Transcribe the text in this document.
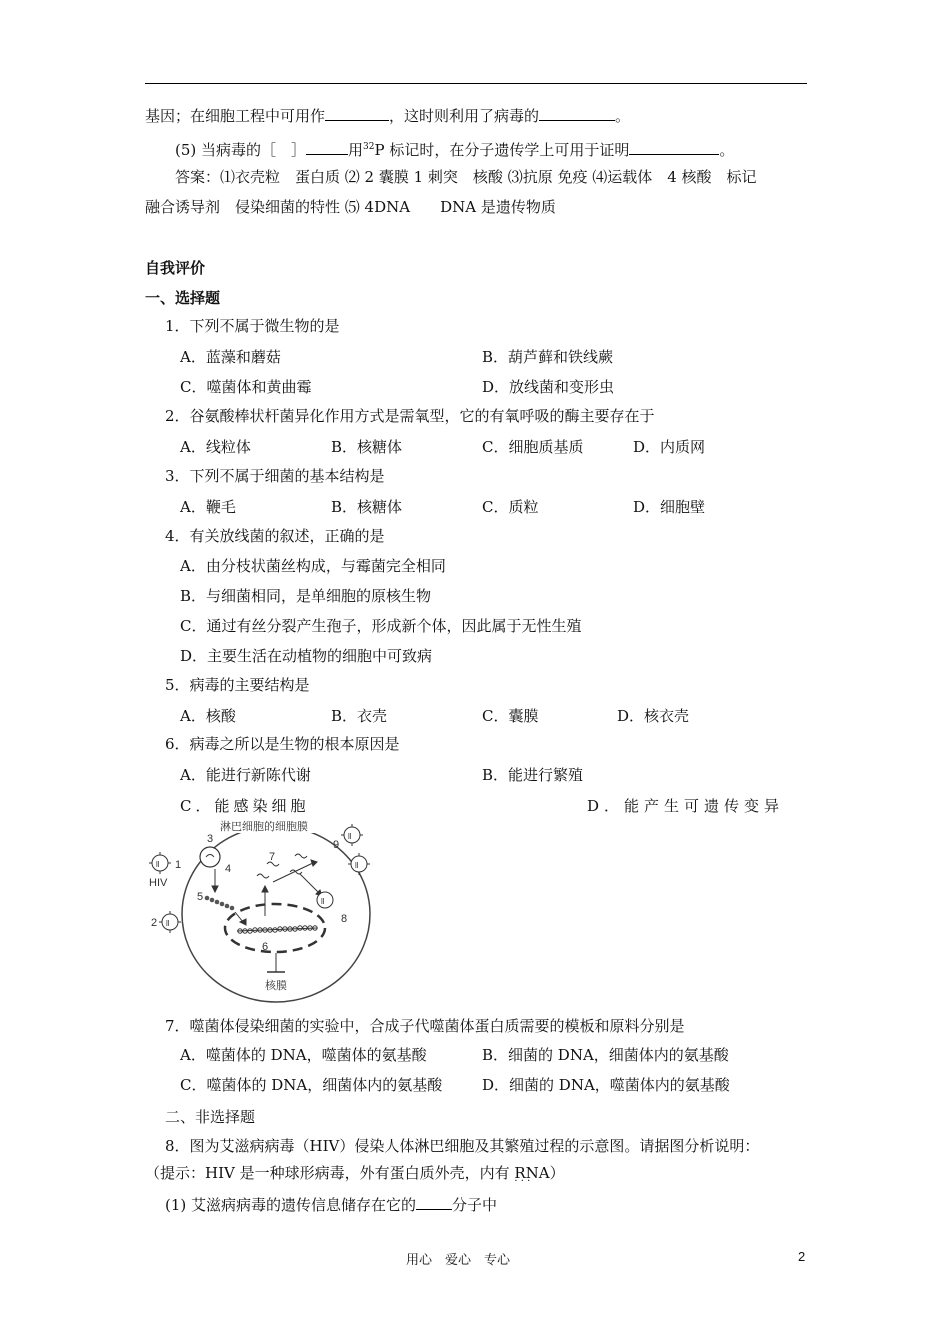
基因；在细胞工程中可用作	，这时则利用了病毒的	。
(5) 当病毒的［　］	用$^{32}$P 标记时，在分子遗传学上可用于证明	。
答案：⑴衣壳粒　蛋白质 ⑵ 2 囊膜 1 刺突　核酸 ⑶抗原 免疫 ⑷运载体　4 核酸　标记
融合诱导剂　侵染细菌的特性 ⑸ 4DNA　　DNA 是遗传物质
自我评价
一、选择题
1．下列不属于微生物的是
A．蓝藻和蘑菇	B．葫芦藓和铁线蕨
C．噬菌体和黄曲霉	D．放线菌和变形虫
2．谷氨酸棒状杆菌异化作用方式是需氧型，它的有氧呼吸的酶主要存在于
A．线粒体	B．核糖体	C．细胞质基质	D．内质网
3．下列不属于细菌的基本结构是
A．鞭毛	B．核糖体	C．质粒	D．细胞壁
4．有关放线菌的叙述，正确的是
A．由分枝状菌丝构成，与霉菌完全相同
B．与细菌相同，是单细胞的原核生物
C．通过有丝分裂产生孢子，形成新个体，因此属于无性生殖
D．主要生活在动植物的细胞中可致病
5．病毒的主要结构是
A．核酸	B．衣壳	C．囊膜	D．核衣壳
6．病毒之所以是生物的根本原因是
A．能进行新陈代谢	B．能进行繁殖
C．能感染细胞	D．能产生可遗传变异
淋巴细胞的细胞膜
ll
ll
ll
ll
ll
1
2
3
4
5
6
7
8
9
HIV
核膜
7．噬菌体侵染细菌的实验中，合成子代噬菌体蛋白质需要的模板和原料分别是
A．噬菌体的 DNA，噬菌体的氨基酸	B．细菌的 DNA，细菌体内的氨基酸
C．噬菌体的 DNA，细菌体内的氨基酸	D．细菌的 DNA，噬菌体内的氨基酸
二、非选择题
8．图为艾滋病病毒（HIV）侵染人体淋巴细胞及其繁殖过程的示意图。请据图分析说明：
（提示：HIV 是一种球形病毒，外有蛋白质外壳，内有 RNA · · ·）
(1) 艾滋病病毒的遗传信息储存在它的 分子中
用心　爱心　专心	2
